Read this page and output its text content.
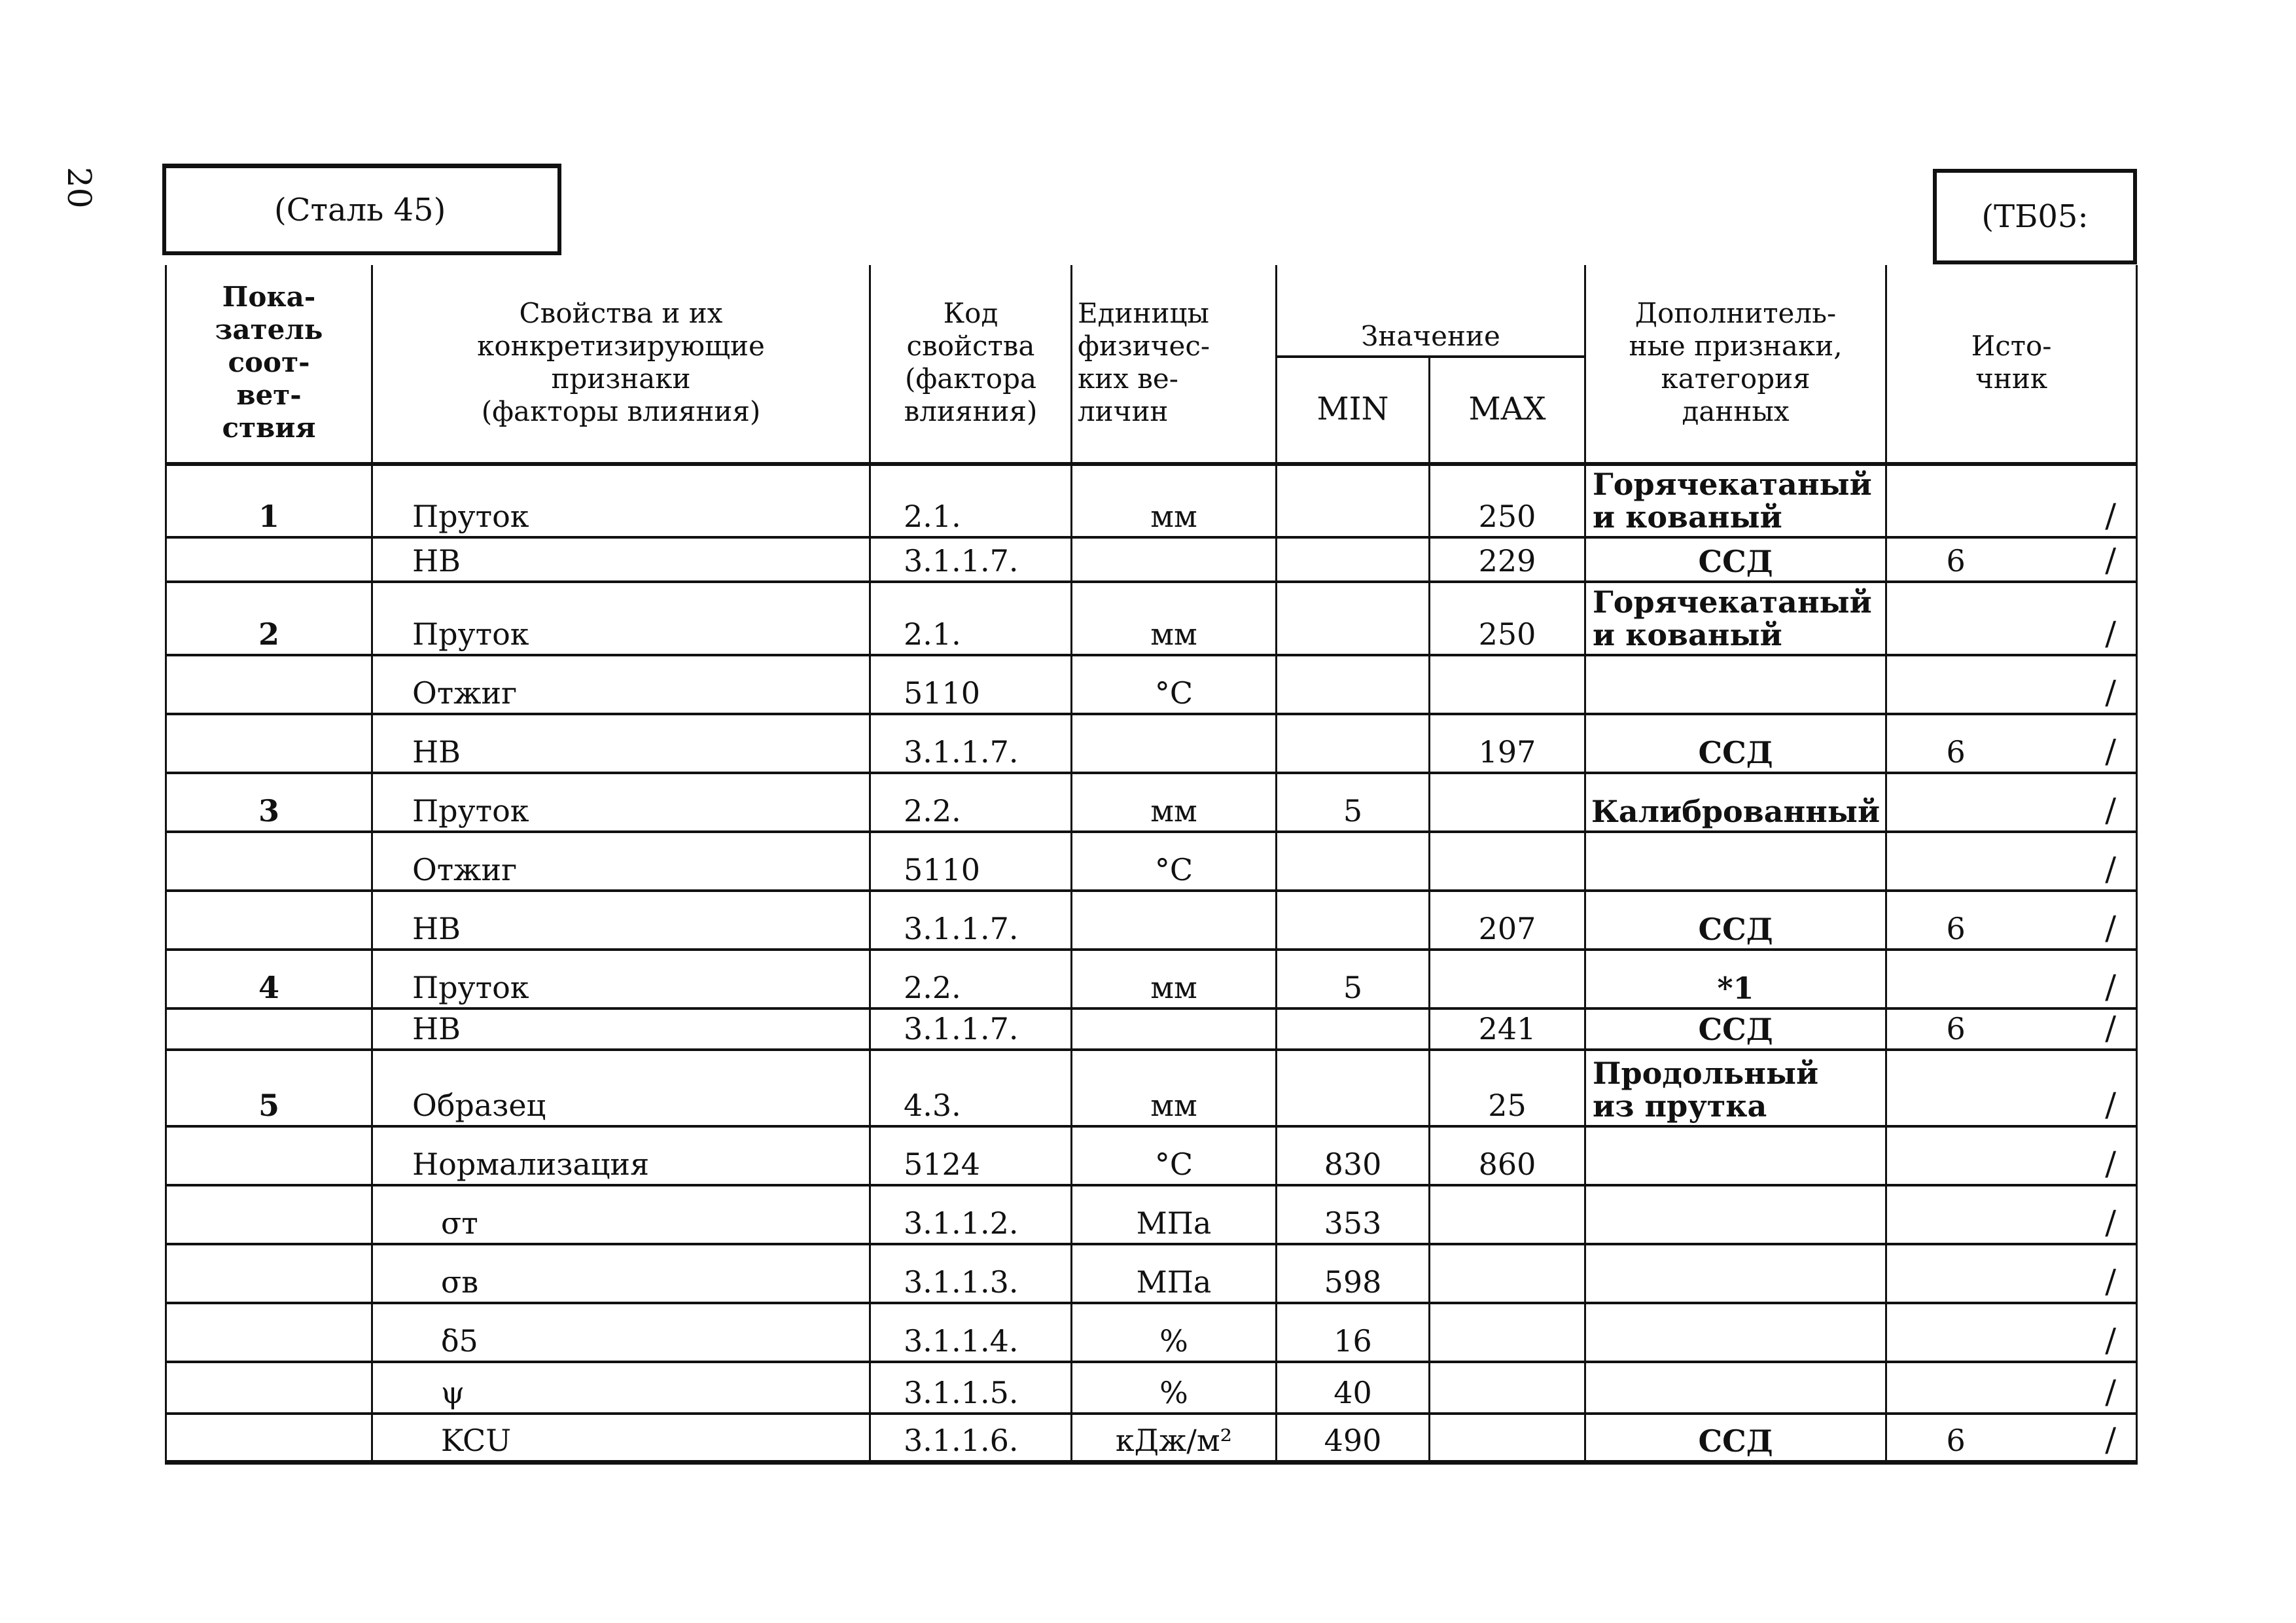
20
(Сталь 45)	(ТБ05:
Пока-
затель
соот-
вет-
ствия	Свойства и их
конкретизирующие
признаки
(факторы влияния)	Код
свойства
(фактора
влияния)	Единицы
физичес-
ких ве-
личин	Значение		Дополнитель-
ные признаки,
категория
данных	Исто-
чник
				MIN	MAX		
1	Пруток	2.1.	мм		250	Горячекатаный
и кованый	/
	HB	3.1.1.7.			229	ССД	6 /
2	Пруток	2.1.	мм		250	Горячекатаный
и кованый	/
	Отжиг	5110	°C				/
	HB	3.1.1.7.			197	ССД	6 /
3	Пруток	2.2.	мм	5		Калиброванный	/
	Отжиг	5110	°C				/
	HB	3.1.1.7.			207	ССД	6 /
4	Пруток	2.2.	мм	5		*1	/
	HB	3.1.1.7.			241	ССД	6 /
5	Образец	4.3.	мм		25	Продольный
из прутка	/
	Нормализация	5124	°C	830	860		/
	σт	3.1.1.2.	МПа	353			/
	σв	3.1.1.3.	МПа	598			/
	δ5	3.1.1.4.	%	16			/
	ψ	3.1.1.5.	%	40			/
	KCU	3.1.1.6.	кДж/м²	490		ССД	6 /
